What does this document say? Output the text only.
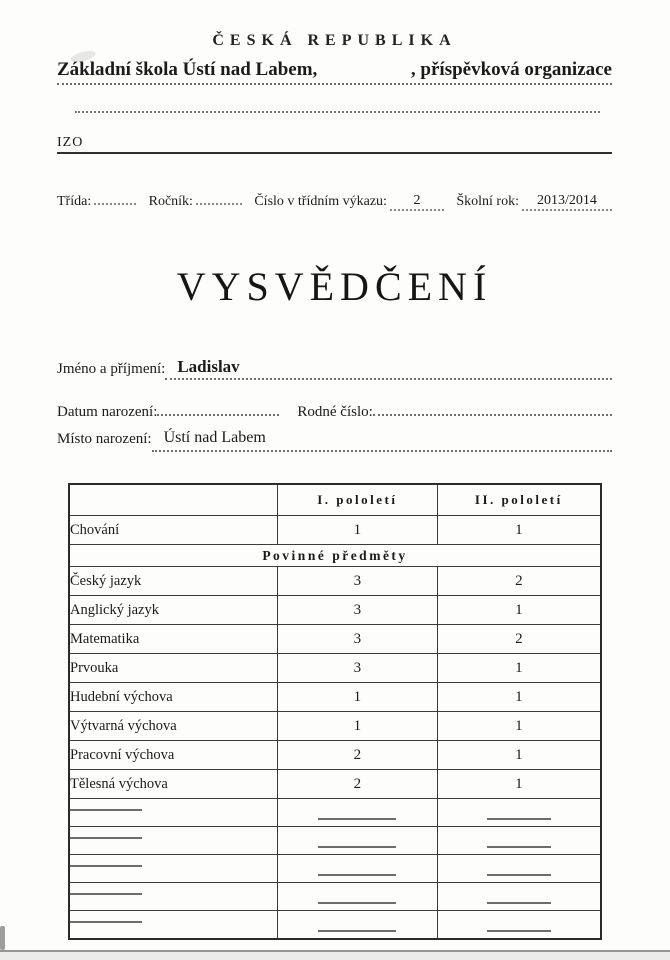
ČESKÁ REPUBLIKA
Základní škola Ústí nad Labem,	, příspěvková organizace
IZO
Třída:	Ročník:	Číslo v třídním výkazu:	2	Školní rok:	2013/2014
VYSVĚDČENÍ
Jméno a příjmení: Ladislav
Datum narození:	Rodné číslo:
Místo narození: Ústí nad Labem
	I. pololetí	II. pololetí
Chování	1	1
Povinné předměty		
Český jazyk	3	2
Anglický jazyk	3	1
Matematika	3	2
Prvouka	3	1
Hudební výchova	1	1
Výtvarná výchova	1	1
Pracovní výchova	2	1
Tělesná výchova	2	1
